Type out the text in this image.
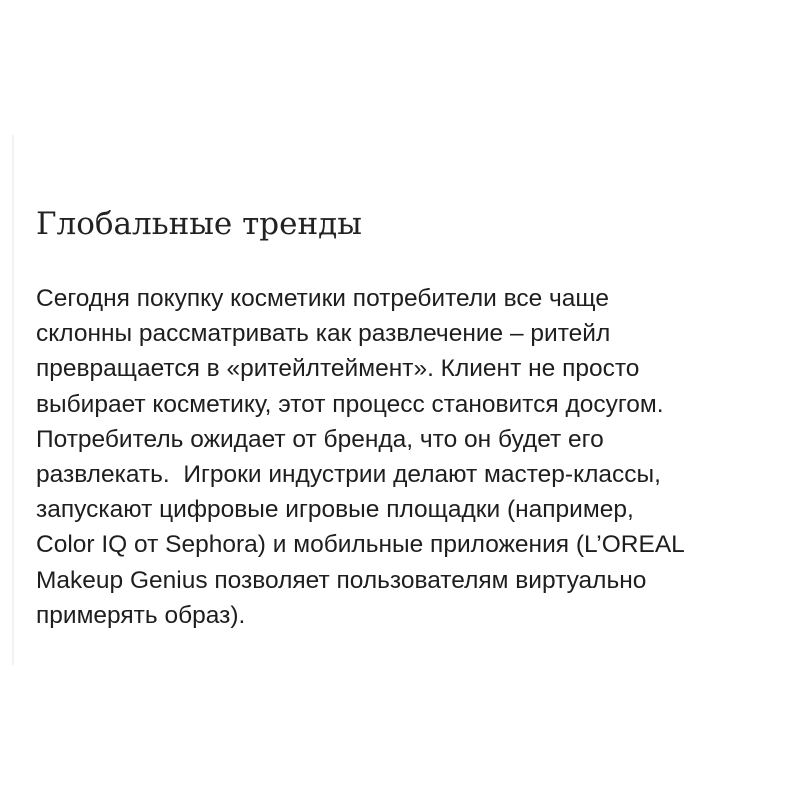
Глобальные тренды

Сегодня покупку косметики потребители все чаще
склонны рассматривать как развлечение – ритейл
превращается в «ритейлтеймент». Клиент не просто
выбирает косметику, этот процесс становится досугом.
Потребитель ожидает от бренда, что он будет его
развлекать.  Игроки индустрии делают мастер-классы,
запускают цифровые игровые площадки (например,
Color IQ от Sephora) и мобильные приложения (L’OREAL
Makeup Genius позволяет пользователям виртуально
примерять образ).
